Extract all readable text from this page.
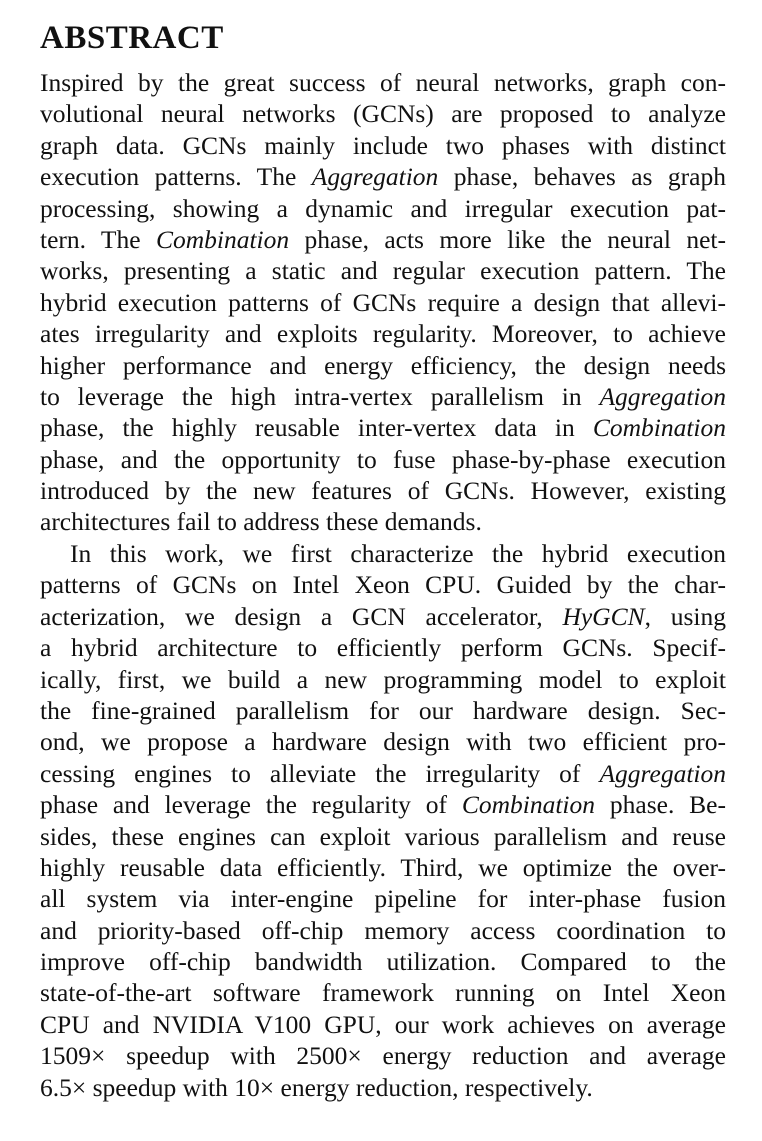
ABSTRACT
Inspired by the great success of neural networks, graph con-
volutional neural networks (GCNs) are proposed to analyze
graph data. GCNs mainly include two phases with distinct
execution patterns. The Aggregation phase, behaves as graph
processing, showing a dynamic and irregular execution pat-
tern. The Combination phase, acts more like the neural net-
works, presenting a static and regular execution pattern. The
hybrid execution patterns of GCNs require a design that allevi-
ates irregularity and exploits regularity. Moreover, to achieve
higher performance and energy efficiency, the design needs
to leverage the high intra-vertex parallelism in Aggregation
phase, the highly reusable inter-vertex data in Combination
phase, and the opportunity to fuse phase-by-phase execution
introduced by the new features of GCNs. However, existing
architectures fail to address these demands.
In this work, we first characterize the hybrid execution
patterns of GCNs on Intel Xeon CPU. Guided by the char-
acterization, we design a GCN accelerator, HyGCN, using
a hybrid architecture to efficiently perform GCNs. Specif-
ically, first, we build a new programming model to exploit
the fine-grained parallelism for our hardware design. Sec-
ond, we propose a hardware design with two efficient pro-
cessing engines to alleviate the irregularity of Aggregation
phase and leverage the regularity of Combination phase. Be-
sides, these engines can exploit various parallelism and reuse
highly reusable data efficiently. Third, we optimize the over-
all system via inter-engine pipeline for inter-phase fusion
and priority-based off-chip memory access coordination to
improve off-chip bandwidth utilization. Compared to the
state-of-the-art software framework running on Intel Xeon
CPU and NVIDIA V100 GPU, our work achieves on average
1509× speedup with 2500× energy reduction and average
6.5× speedup with 10× energy reduction, respectively.
